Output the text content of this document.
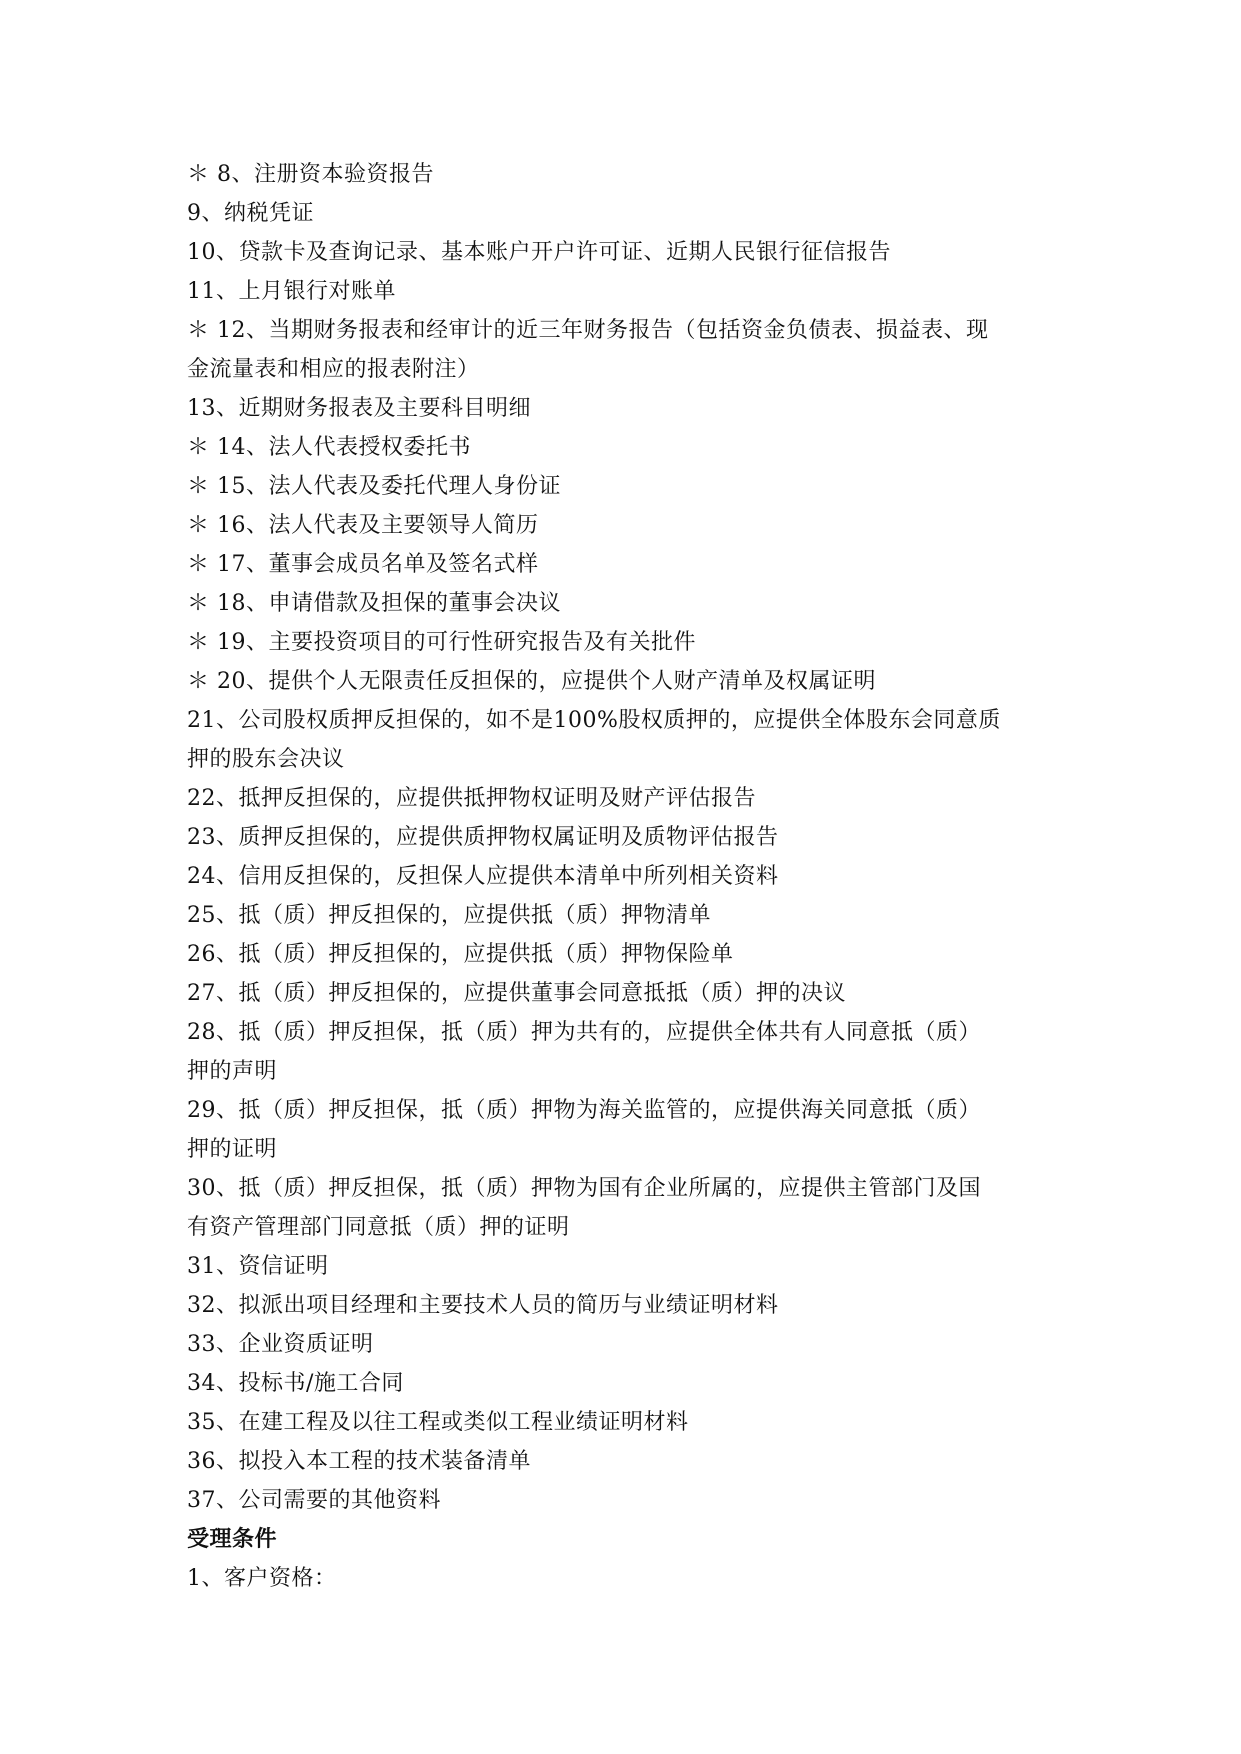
＊ 8、注册资本验资报告
9、纳税凭证
10、贷款卡及查询记录、基本账户开户许可证、近期人民银行征信报告
11、上月银行对账单
＊ 12、当期财务报表和经审计的近三年财务报告（包括资金负债表、损益表、现
金流量表和相应的报表附注）
13、近期财务报表及主要科目明细
＊ 14、法人代表授权委托书
＊ 15、法人代表及委托代理人身份证
＊ 16、法人代表及主要领导人简历
＊ 17、董事会成员名单及签名式样
＊ 18、申请借款及担保的董事会决议
＊ 19、主要投资项目的可行性研究报告及有关批件
＊ 20、提供个人无限责任反担保的，应提供个人财产清单及权属证明
21、公司股权质押反担保的，如不是100%股权质押的，应提供全体股东会同意质
押的股东会决议
22、抵押反担保的，应提供抵押物权证明及财产评估报告
23、质押反担保的，应提供质押物权属证明及质物评估报告
24、信用反担保的，反担保人应提供本清单中所列相关资料
25、抵（质）押反担保的，应提供抵（质）押物清单
26、抵（质）押反担保的，应提供抵（质）押物保险单
27、抵（质）押反担保的，应提供董事会同意抵抵（质）押的决议
28、抵（质）押反担保，抵（质）押为共有的，应提供全体共有人同意抵（质）
押的声明
29、抵（质）押反担保，抵（质）押物为海关监管的，应提供海关同意抵（质）
押的证明
30、抵（质）押反担保，抵（质）押物为国有企业所属的，应提供主管部门及国
有资产管理部门同意抵（质）押的证明
31、资信证明
32、拟派出项目经理和主要技术人员的简历与业绩证明材料
33、企业资质证明
34、投标书/施工合同
35、在建工程及以往工程或类似工程业绩证明材料
36、拟投入本工程的技术装备清单
37、公司需要的其他资料
受理条件
1、客户资格：
